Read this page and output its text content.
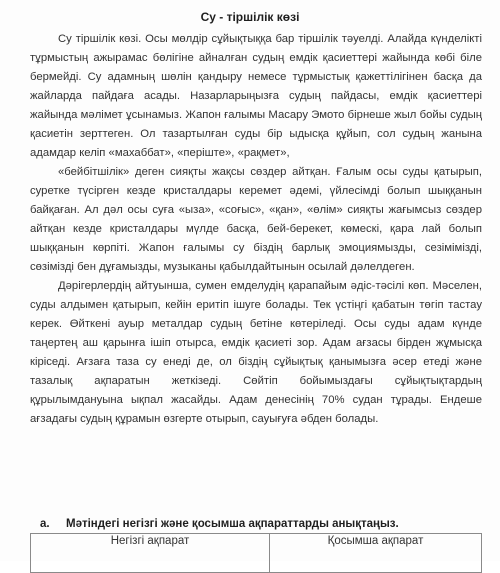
Су - тіршілік көзі

Су тіршілік көзі. Осы мөлдір сұйықтыққа бар тіршілік тәуелді. Алайда күнделікті тұрмыстың ажырамас бөлігіне айналған судың емдік қасиеттері жайында көбі біле бермейді. Су адамның шөлін қандыру немесе тұрмыстық қажеттілігінен басқа да жайларда пайдаға асады. Назарларыңызға судың пайдасы, емдік қасиеттері жайында мәлімет ұсынамыз. Жапон ғалымы Масару Эмото бірнеше жыл бойы судың қасиетін зерттеген. Ол тазартылған суды бір ыдысқа құйып, сол судың жанына адамдар келіп «махаббат», «періште», «рақмет»,

«бейбітшілік» деген сияқты жақсы сөздер айтқан. Ғалым осы суды қатырып, суретке түсірген кезде кристалдары керемет әдемі, үйлесімді болып шыққанын байқаған. Ал дәл осы суға «ыза», «соғыс», «қан», «өлім» сияқты жағымсыз сөздер айтқан кезде кристалдары мүлде басқа, бей-берекет, көмескі, қара лай болып шыққанын көрпіті. Жапон ғалымы су біздің барлық эмоциямызды, сезімімізді, сөзімізді бен дұғамызды, музыканы қабылдайтынын осылай дәлелдеген.

Дәрігерлердің айтуынша, сумен емделудің қарапайым әдіс-тәсілі көп. Мәселен, суды алдымен қатырып, кейін еритіп ішуге болады. Тек үстіңгі қабатын төгіп тастау керек. Өйткені ауыр металдар судың бетіне көтеріледі. Осы суды адам күнде таңертең аш қарынға ішіп отырса, емдік қасиеті зор. Адам ағзасы бірден жұмысқа кіріседі. Ағзаға таза су енеді де, ол біздің сұйықтық қанымызға әсер етеді және тазалық ақпаратын жеткізеді. Сөйтіп бойымыздағы сұйықтықтардың құрылымдануына ықпал жасайды. Адам денесінің 70% судан тұрады. Ендеше ағзадағы судың құрамын өзгерте отырып, сауығуға әбден болады.

a. Мәтіндегі негізгі және қосымша ақпараттарды анықтаңыз.
Негізгі ақпарат	Қосымша ақпарат
